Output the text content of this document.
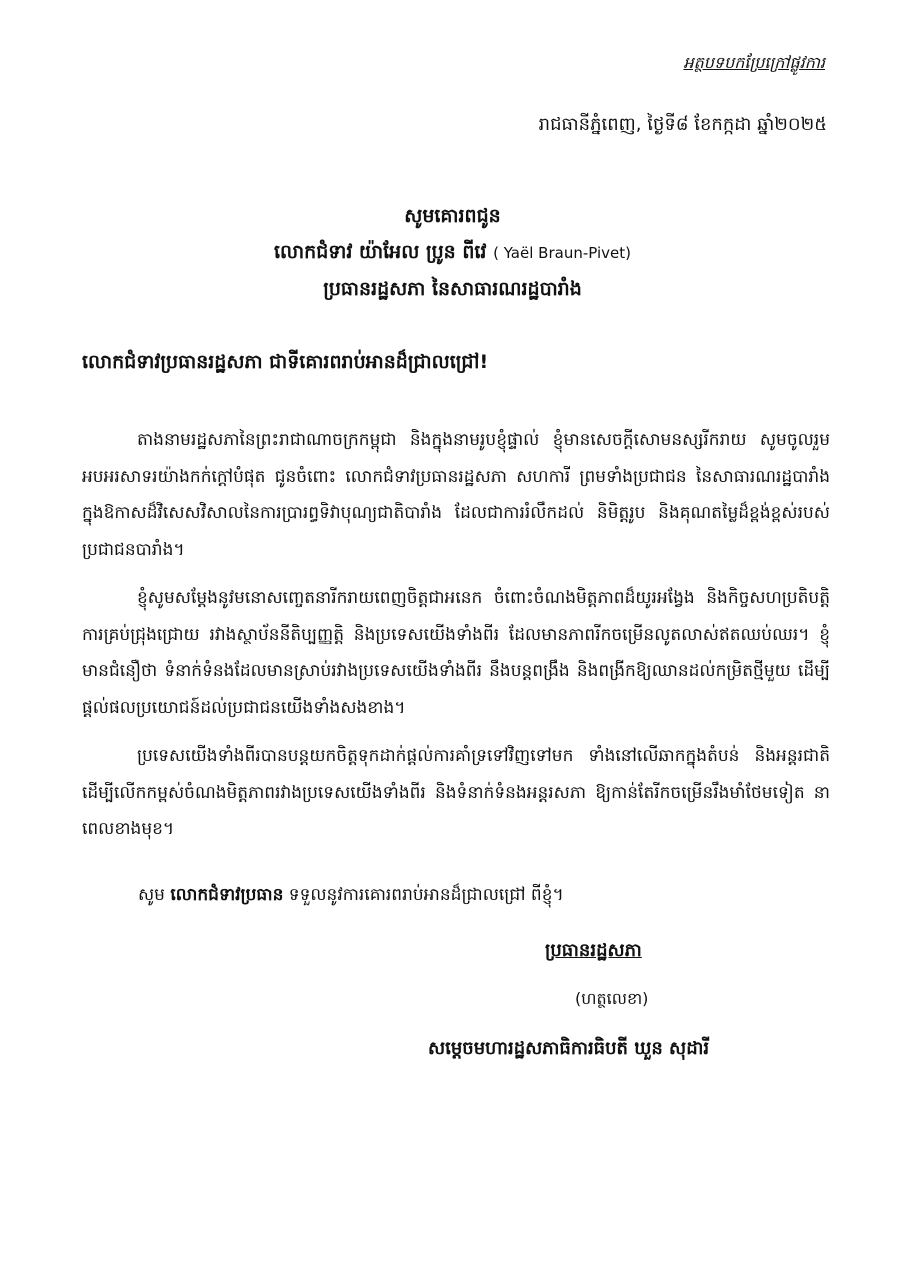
អត្ថបទបកប្រែក្រៅផ្លូវការ
រាជធានីភ្នំពេញ, ថ្ងៃទី៨ ខែកក្កដា ឆ្នាំ២០២៥
សូមគោរពជូន
លោកជំទាវ យ៉ាអែល ប្រូន ពីវេ ( Yaël Braun-Pivet)
ប្រធានរដ្ឋសភា នៃសាធារណរដ្ឋបារាំង
លោកជំទាវប្រធានរដ្ឋសភា ជាទីគោរពរាប់អានដ៏ជ្រាលជ្រៅ!

តាងនាមរដ្ឋសភានៃព្រះរាជាណាចក្រកម្ពុជា និងក្នុងនាមរូបខ្ញុំផ្ទាល់ ខ្ញុំមានសេចក្តីសោមនស្សរីករាយ សូមចូលរួមអបអរសាទរយ៉ាងកក់ក្តៅបំផុត ជូនចំពោះ លោកជំទាវប្រធានរដ្ឋសភា សហការី ព្រមទាំងប្រជាជន នៃសាធារណរដ្ឋបារាំង ក្នុងឱកាសដ៏វិសេសវិសាលនៃការប្រារព្ធទិវាបុណ្យជាតិបារាំង ដែលជាការរំលឹកដល់ និមិត្តរូប និងគុណតម្លៃដ៏ខ្ពង់ខ្ពស់របស់ប្រជាជនបារាំង។

ខ្ញុំសូមសម្តែងនូវមនោសញ្ចេតនារីករាយពេញចិត្តជាអនេក ចំពោះចំណងមិត្តភាពដ៏យូរអង្វែង និងកិច្ចសហប្រតិបត្តិការគ្រប់ជ្រុងជ្រោយ រវាងស្ថាប័ននីតិប្បញ្ញត្តិ និងប្រទេសយើងទាំងពីរ ដែលមានភាពរីកចម្រើនលូតលាស់ឥតឈប់ឈរ។ ខ្ញុំមានជំនឿថា ទំនាក់ទំនងដែលមានស្រាប់រវាងប្រទេសយើងទាំងពីរ នឹងបន្តពង្រឹង និងពង្រីកឱ្យឈានដល់កម្រិតថ្មីមួយ ដើម្បីផ្តល់ផលប្រយោជន៍ដល់ប្រជាជនយើងទាំងសងខាង។

ប្រទេសយើងទាំងពីរបានបន្តយកចិត្តទុកដាក់ផ្តល់ការគាំទ្រទៅវិញទៅមក ទាំងនៅលើឆាកក្នុងតំបន់ និងអន្តរជាតិ ដើម្បីលើកកម្ពស់ចំណងមិត្តភាពរវាងប្រទេសយើងទាំងពីរ និងទំនាក់ទំនងអន្តរសភា ឱ្យកាន់តែរីកចម្រើនរឹងមាំថែមទៀត នាពេលខាងមុខ។

សូម លោកជំទាវប្រធាន ទទួលនូវការគោរពរាប់អានដ៏ជ្រាលជ្រៅ ពីខ្ញុំ។
ប្រធានរដ្ឋសភា
(ហត្ថលេខា)
សម្តេចមហារដ្ឋសភាធិការធិបតី ឃួន សុដារី
